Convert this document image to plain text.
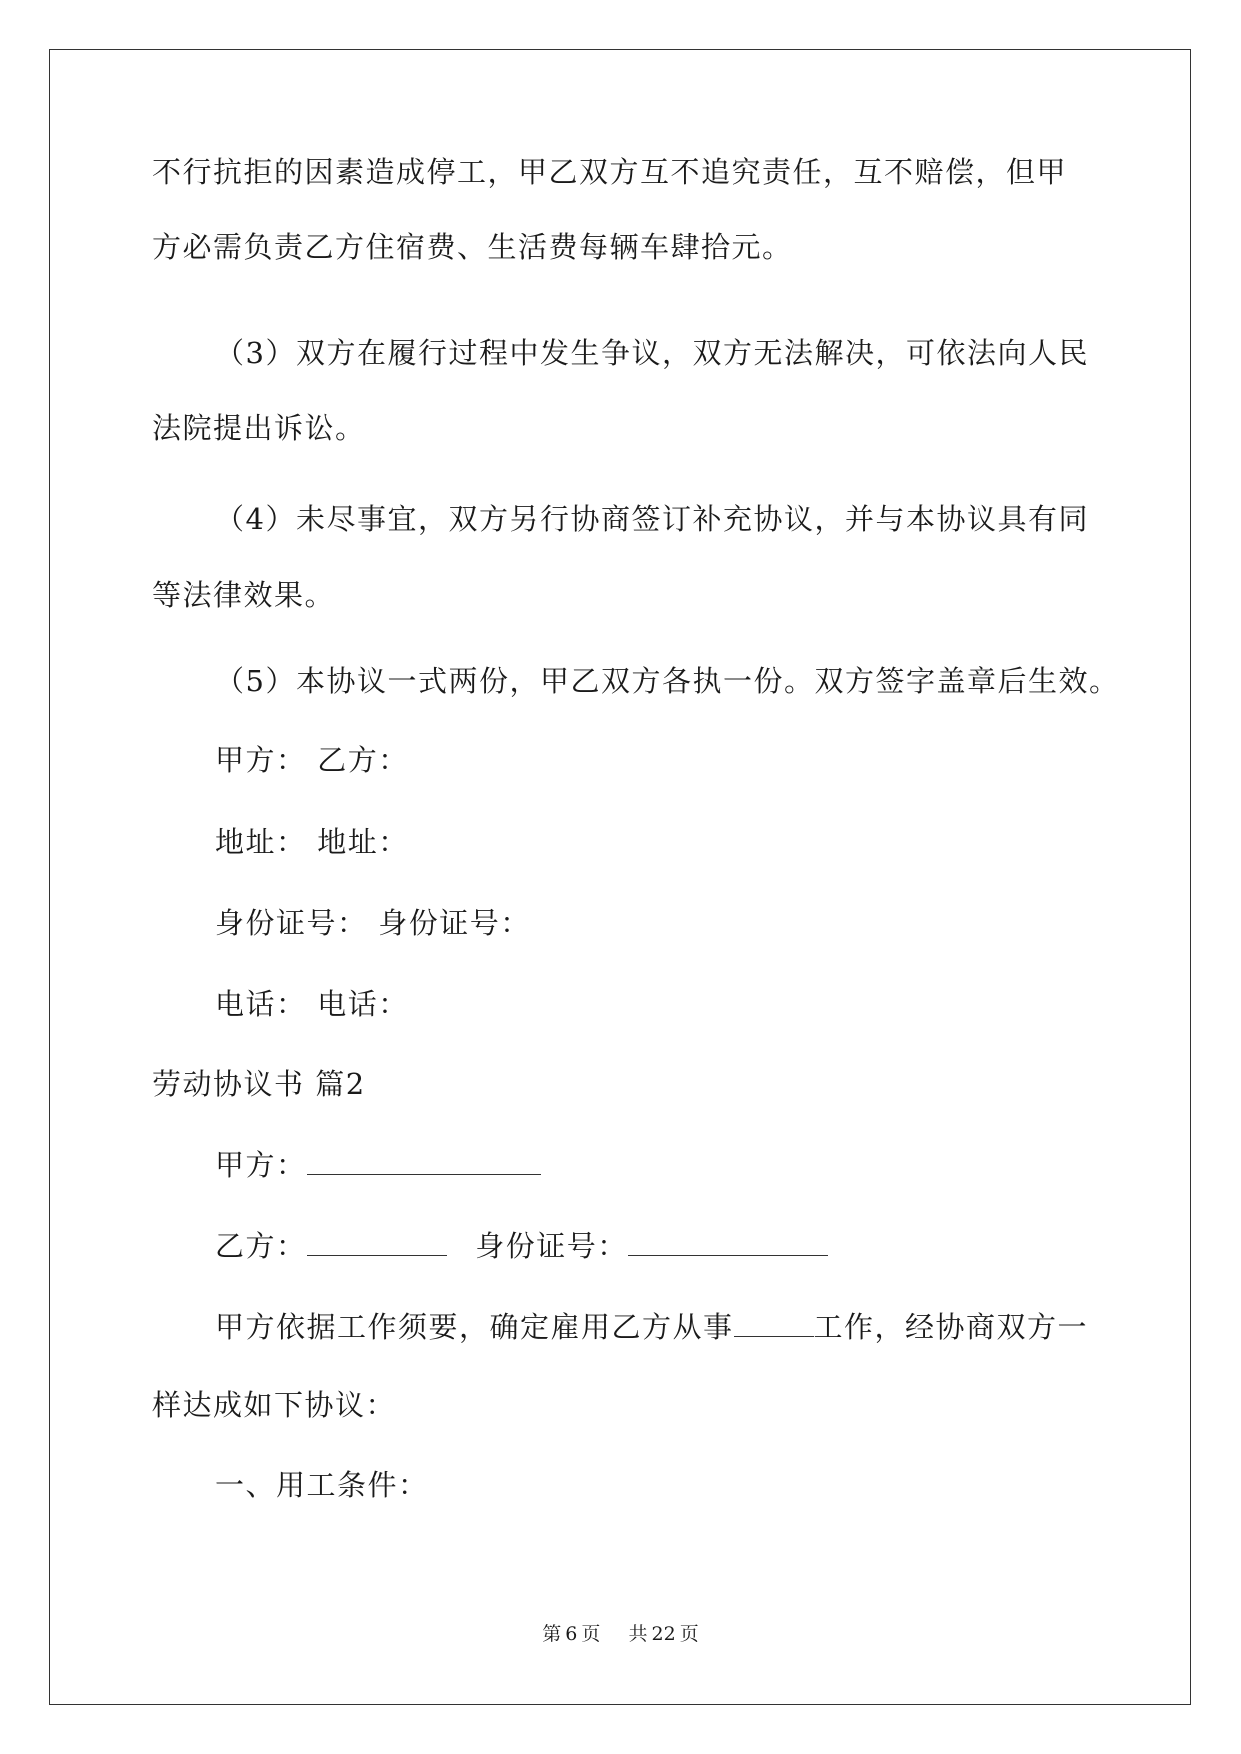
不行抗拒的因素造成停工，甲乙双方互不追究责任，互不赔偿，但甲
方必需负责乙方住宿费、生活费每辆车肆拾元。
（3）双方在履行过程中发生争议，双方无法解决，可依法向人民
法院提出诉讼。
（4）未尽事宜，双方另行协商签订补充协议，并与本协议具有同
等法律效果。
（5）本协议一式两份，甲乙双方各执一份。双方签字盖章后生效。
甲方： 乙方：
地址： 地址：
身份证号： 身份证号：
电话： 电话：
劳动协议书 篇2
甲方：
乙方：	身份证号：
甲方依据工作须要，确定雇用乙方从事	工作，经协商双方一
样达成如下协议：
一、用工条件：
第 6 页 共 22 页
